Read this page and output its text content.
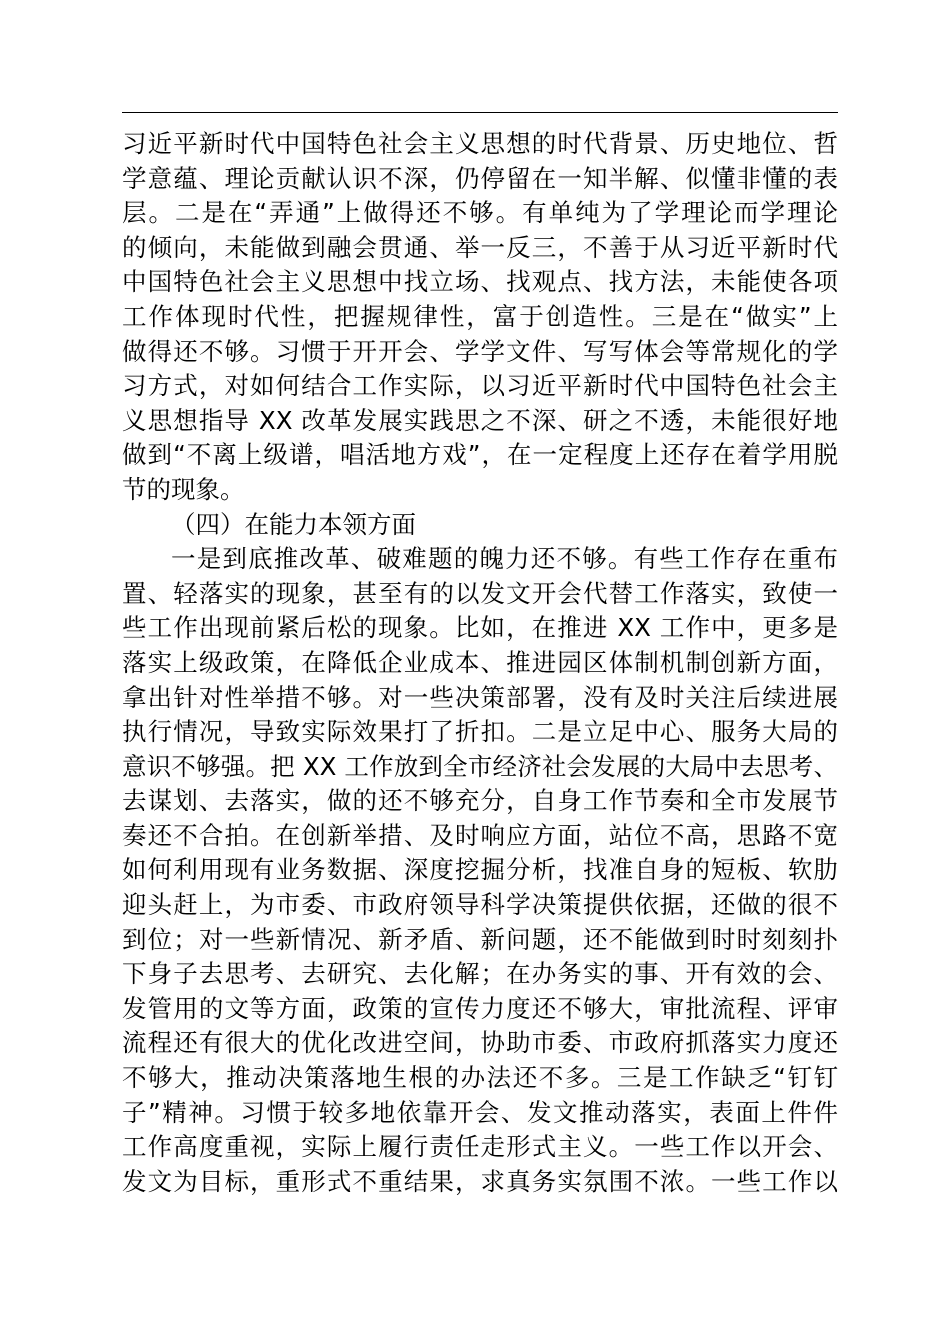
习近平新时代中国特色社会主义思想的时代背景、历史地位、哲
学意蕴、理论贡献认识不深，仍停留在一知半解、似懂非懂的表
层。二是在“弄通”上做得还不够。有单纯为了学理论而学理论
的倾向，未能做到融会贯通、举一反三，不善于从习近平新时代
中国特色社会主义思想中找立场、找观点、找方法，未能使各项
工作体现时代性，把握规律性，富于创造性。三是在“做实”上
做得还不够。习惯于开开会、学学文件、写写体会等常规化的学
习方式，对如何结合工作实际，以习近平新时代中国特色社会主
义思想指导 XX 改革发展实践思之不深、研之不透，未能很好地
做到“不离上级谱，唱活地方戏”，在一定程度上还存在着学用脱
节的现象。
（四）在能力本领方面
一是到底推改革、破难题的魄力还不够。有些工作存在重布
置、轻落实的现象，甚至有的以发文开会代替工作落实，致使一
些工作出现前紧后松的现象。比如，在推进 XX 工作中，更多是
落实上级政策，在降低企业成本、推进园区体制机制创新方面，
拿出针对性举措不够。对一些决策部署，没有及时关注后续进展
执行情况，导致实际效果打了折扣。二是立足中心、服务大局的
意识不够强。把 XX 工作放到全市经济社会发展的大局中去思考、
去谋划、去落实，做的还不够充分，自身工作节奏和全市发展节
奏还不合拍。在创新举措、及时响应方面，站位不高，思路不宽
如何利用现有业务数据、深度挖掘分析，找准自身的短板、软肋
迎头赶上，为市委、市政府领导科学决策提供依据，还做的很不
到位；对一些新情况、新矛盾、新问题，还不能做到时时刻刻扑
下身子去思考、去研究、去化解；在办务实的事、开有效的会、
发管用的文等方面，政策的宣传力度还不够大，审批流程、评审
流程还有很大的优化改进空间，协助市委、市政府抓落实力度还
不够大，推动决策落地生根的办法还不多。三是工作缺乏“钉钉
子”精神。习惯于较多地依靠开会、发文推动落实，表面上件件
工作高度重视，实际上履行责任走形式主义。一些工作以开会、
发文为目标，重形式不重结果，求真务实氛围不浓。一些工作以
